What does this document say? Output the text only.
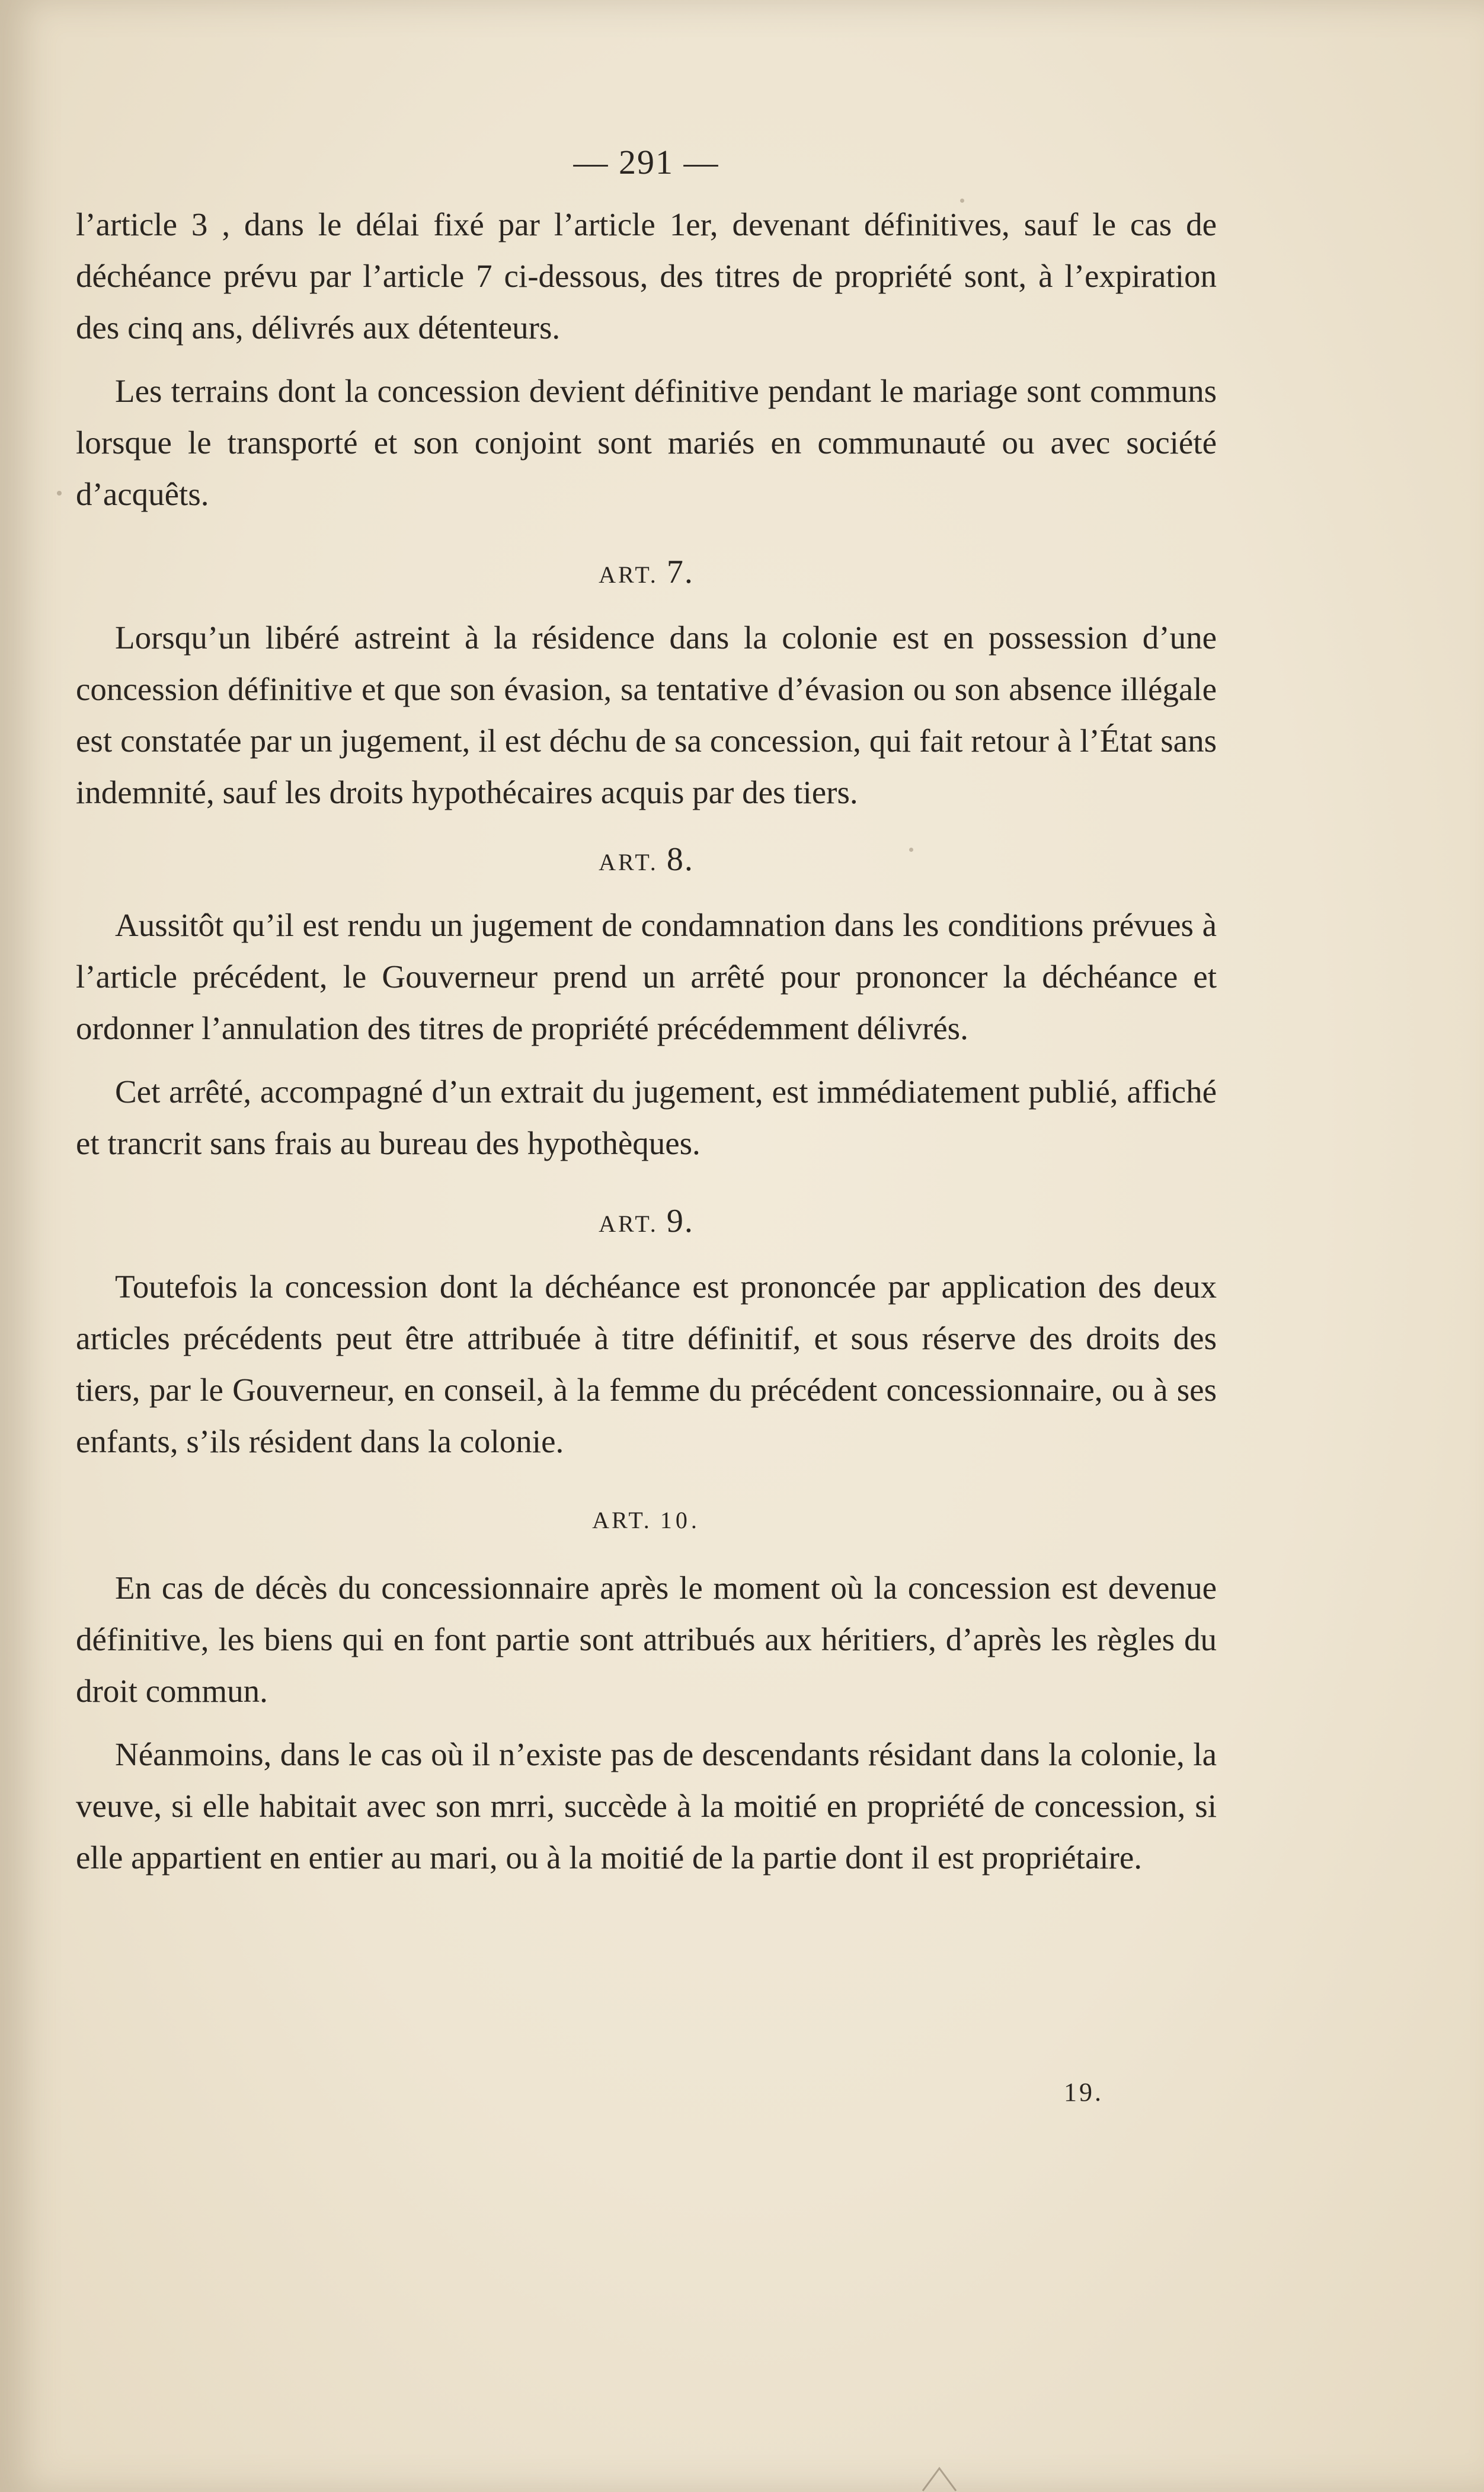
— 291 —

l’article 3 , dans le délai fixé par l’article 1er, devenant définitives, sauf le cas de déchéance prévu par l’article 7 ci-dessous, des titres de propriété sont, à l’expiration des cinq ans, délivrés aux détenteurs.

Les terrains dont la concession devient définitive pendant le mariage sont communs lorsque le transporté et son conjoint sont mariés en communauté ou avec société d’acquêts.

ART. 7.

Lorsqu’un libéré astreint à la résidence dans la colonie est en possession d’une concession définitive et que son évasion, sa tentative d’évasion ou son absence illégale est constatée par un jugement, il est déchu de sa concession, qui fait retour à l’État sans indemnité, sauf les droits hypothécaires acquis par des tiers.

ART. 8.

Aussitôt qu’il est rendu un jugement de condamnation dans les conditions prévues à l’article précédent, le Gouverneur prend un arrêté pour prononcer la déchéance et ordonner l’annulation des titres de propriété précédemment délivrés.

Cet arrêté, accompagné d’un extrait du jugement, est immédiatement publié, affiché et trancrit sans frais au bureau des hypothèques.

ART. 9.

Toutefois la concession dont la déchéance est prononcée par application des deux articles précédents peut être attribuée à titre définitif, et sous réserve des droits des tiers, par le Gouverneur, en conseil, à la femme du précédent concessionnaire, ou à ses enfants, s’ils résident dans la colonie.

ART. 10.

En cas de décès du concessionnaire après le moment où la concession est devenue définitive, les biens qui en font partie sont attribués aux héritiers, d’après les règles du droit commun.

Néanmoins, dans le cas où il n’existe pas de descendants résidant dans la colonie, la veuve, si elle habitait avec son mrri, succède à la moitié en propriété de concession, si elle appartient en entier au mari, ou à la moitié de la partie dont il est propriétaire.

19.
